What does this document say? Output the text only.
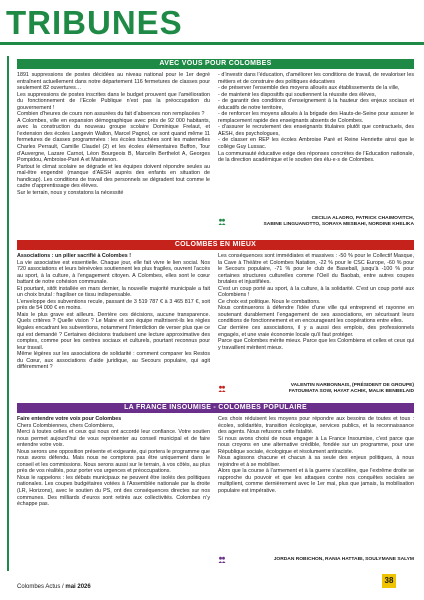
TRIBUNES
AVEC VOUS POUR COLOMBES

1891 suppressions de postes décidées au niveau national pour le 1er degré entraînent actuellement dans notre département 116 fermetures de classes pour seulement 82 ouvertures…

Les suppressions de postes inscrites dans le budget prouvent que l’amélioration du fonctionnement de l’Ecole Publique n’est pas la préoccupation du gouvernement !

Combien d’heures de cours non assurées du fait d’absences non remplacées ?

A Colombes, ville en expansion démographique avec près de 92 000 habitants, avec la construction du nouveau groupe scolaire Dominique Frelaut, et l’extension des écoles Langevin Wallon, Marcel Pagnol, ce sont quand même 11 fermetures de classes programmées : les écoles touchées sont les maternelles Charles Perrault, Camille Claudel (2) et les écoles élémentaires Buffon, Tour d’Auvergne, Lazare Carnot, Léon Bourgeois B, Marcelin Berthelot A, Georges Pompidou, Ambroise-Paré A et Maintenon.

Partout le climat scolaire se dégrade et les équipes doivent répondre seules au mal-être engendré (manque d’AESH auprès des enfants en situation de handicap). Les conditions de travail des personnels se dégradent tout comme le cadre d’apprentissage des élèves.

Sur le terrain, nous y constatons la nécessité

- d’investir dans l’éducation, d’améliorer les conditions de travail, de revaloriser les métiers et de construire des politiques éducatives

- de préserver l’ensemble des moyens alloués aux établissements de la ville,

- de maintenir les dispositifs qui soutiennent la réussite des élèves,

- de garantir des conditions d’enseignement à la hauteur des enjeux sociaux et éducatifs de notre territoire,

- de renforcer les moyens alloués à la brigade des Hauts-de-Seine pour assurer le remplacement rapide des enseignants absents de Colombes.

- d’assurer le recrutement des enseignants titulaires plutôt que contractuels, des AESH, des psychologues,

- de classer en REP les écoles Ambroise Paré et Reine Henriette ainsi que le collège Guy Lussac.

La communauté éducative exige des réponses concrètes de l’Education nationale, de la direction académique et le soutien des élu·e·s de Colombes.

CECILIA ALADRO, PATRICK CHAIMOVITCH,

SABINE LINGUANOTTO, SORAYA MESBAHI, NORDINE KHELIKA

COLOMBES EN MIEUX

Associations : un pilier sacrifié à Colombes !

La vie associative est essentielle. Chaque jour, elle fait vivre le lien social. Nos 720 associations et leurs bénévoles soutiennent les plus fragiles, ouvrent l’accès au sport, à la culture, à l’engagement citoyen. A Colombes, elles sont le cœur battant de notre cohésion communale.

Et pourtant, sitôt installée en mars dernier, la nouvelle majorité municipale a fait un choix brutal : fragiliser ce tissu indispensable.

L’enveloppe des subventions recule, passant de 3 519 787 € à 3 465 817 €, soit près de 54 000 € en moins.

Mais le plus grave est ailleurs. Derrière ces décisions, aucune transparence. Quels critères ? Quelle vision ? Le Maire et son équipe maîtrisent-ils les règles légales encadrant les subventions, notamment l’interdiction de verser plus que ce qui est demandé ? Certaines décisions traduisent une lecture approximative des comptes, comme pour les centres sociaux et culturels, pourtant reconnus pour leur travail.

Même légères sur les associations de solidarité : comment comparer les Restos du Cœur, aux associations d’aide juridique, au Secours populaire, qui agit différemment ?

Les conséquences sont immédiates et massives : -50 % pour le Collectif Masque, la Cave à Théâtre et Colombes Natation, -22 % pour le CSC Europe, -60 % pour le Secours populaire, -71 % pour le club de Baseball, jusqu’à -100 % pour certaines structures culturelles comme l’Oeil du Baobab, entre autres coupes brutales et injustifiées.

C’est un coup porté au sport, à la culture, à la solidarité. C’est un coup porté aux Colombiens !

Ce choix est politique. Nous le combattons.

Nous continuerons à défendre l’idée d’une ville qui entreprend et rayonne en soutenant durablement l’engagement de ses associations, en sécurisant leurs conditions de fonctionnement et en encourageant les coopérations entre elles.

Car derrière ces associations, il y a aussi des emplois, des professionnels engagés, et une vraie économie locale qu’il faut protéger.

Parce que Colombes mérite mieux. Parce que les Colombiens et celles et ceux qui y travaillent méritent mieux.

VALENTIN NARBONNAIS, (PRÉSIDENT DE GROUPE)

FATOUMATA SOW, HAYAT ACHIK, MALIK BENBELAID

LA FRANCE INSOUMISE - COLOMBES POPULAIRE

Faire entendre votre voix pour Colombes

Chers Colombiennes, chers Colombiens,

Merci à toutes celles et ceux qui nous ont accordé leur confiance. Votre soutien nous permet aujourd’hui de vous représenter au conseil municipal et de faire entendre votre voix.

Nous serons une opposition présente et exigeante, qui portera le programme que nous avons défendu. Mais nous ne comptons pas être uniquement dans le conseil et les commissions. Nous serons aussi sur le terrain, à vos côtés, au plus près de vos réalités, pour porter vos urgences et préoccupations.

Nous le rappelons : les débats municipaux ne peuvent être isolés des politiques nationales. Les coupes budgétaires votées à l’Assemblée nationale par la droite (LR, Horizons), avec le soutien du PS, ont des conséquences directes sur nos communes. Des milliards d’euros sont retirés aux collectivités. Colombes n’y échappe pas.

Ces choix réduisent les moyens pour répondre aux besoins de toutes et tous : écoles, solidarités, transition écologique, services publics, et la reconnaissance des agents. Nous refusons cette fatalité.

Si nous avons choisi de nous engager à La France Insoumise, c’est parce que nous croyons en une alternative crédible, fondée sur un programme, pour une République sociale, écologique et résolument antiraciste.

Nous agissons chacune et chacun à sa seule des enjeux politiques, à nous rejoindre et à se mobiliser.

Alors que la course à l’armement et à la guerre s’accélère, que l’extrême droite se rapproche du pouvoir et que les attaques contre nos conquêtes sociales se multiplient, comme dernièrement avec le 1er mai, plus que jamais, la mobilisation populaire est impérative.

JORDAN ROBICHON, RANIA HATTABI, SOULYMANE SALYM

Colombes Actus / mai 2026
38
